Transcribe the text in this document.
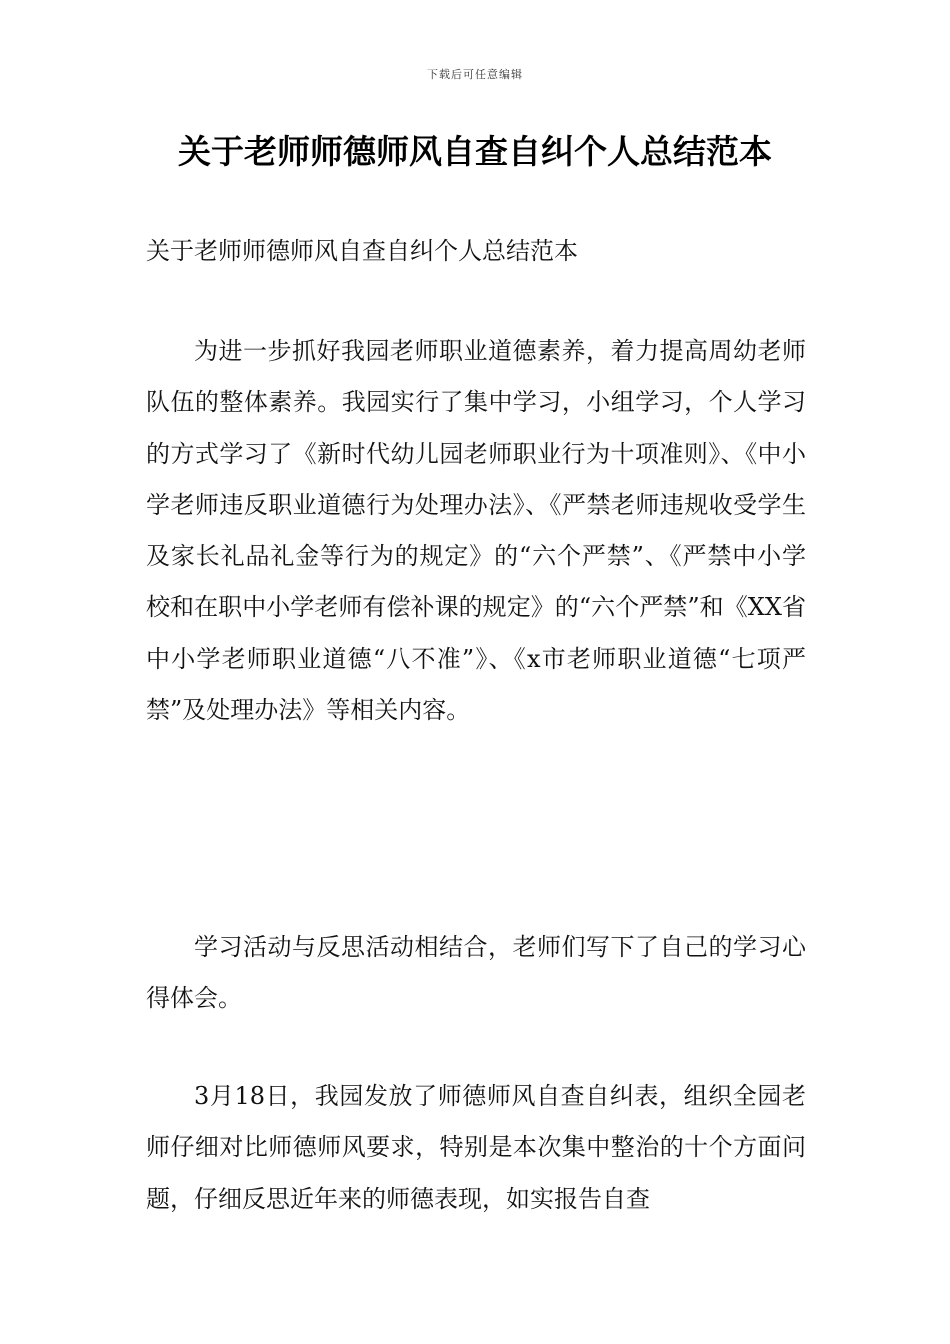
下载后可任意编辑
关于老师师德师风自查自纠个人总结范本

关于老师师德师风自查自纠个人总结范本

为进一步抓好我园老师职业道德素养，着力提高周幼老师队伍的整体素养。我园实行了集中学习，小组学习，个人学习的方式学习了《新时代幼儿园老师职业行为十项准则》、《中小学老师违反职业道德行为处理办法》、《严禁老师违规收受学生及家长礼品礼金等行为的规定》的“六个严禁”、《严禁中小学校和在职中小学老师有偿补课的规定》的“六个严禁”和《XX省中小学老师职业道德“八不准”》、《x市老师职业道德“七项严禁”及处理办法》等相关内容。

学习活动与反思活动相结合，老师们写下了自己的学习心得体会。

3月18日，我园发放了师德师风自查自纠表，组织全园老师仔细对比师德师风要求，特别是本次集中整治的十个方面问题，仔细反思近年来的师德表现，如实报告自查
